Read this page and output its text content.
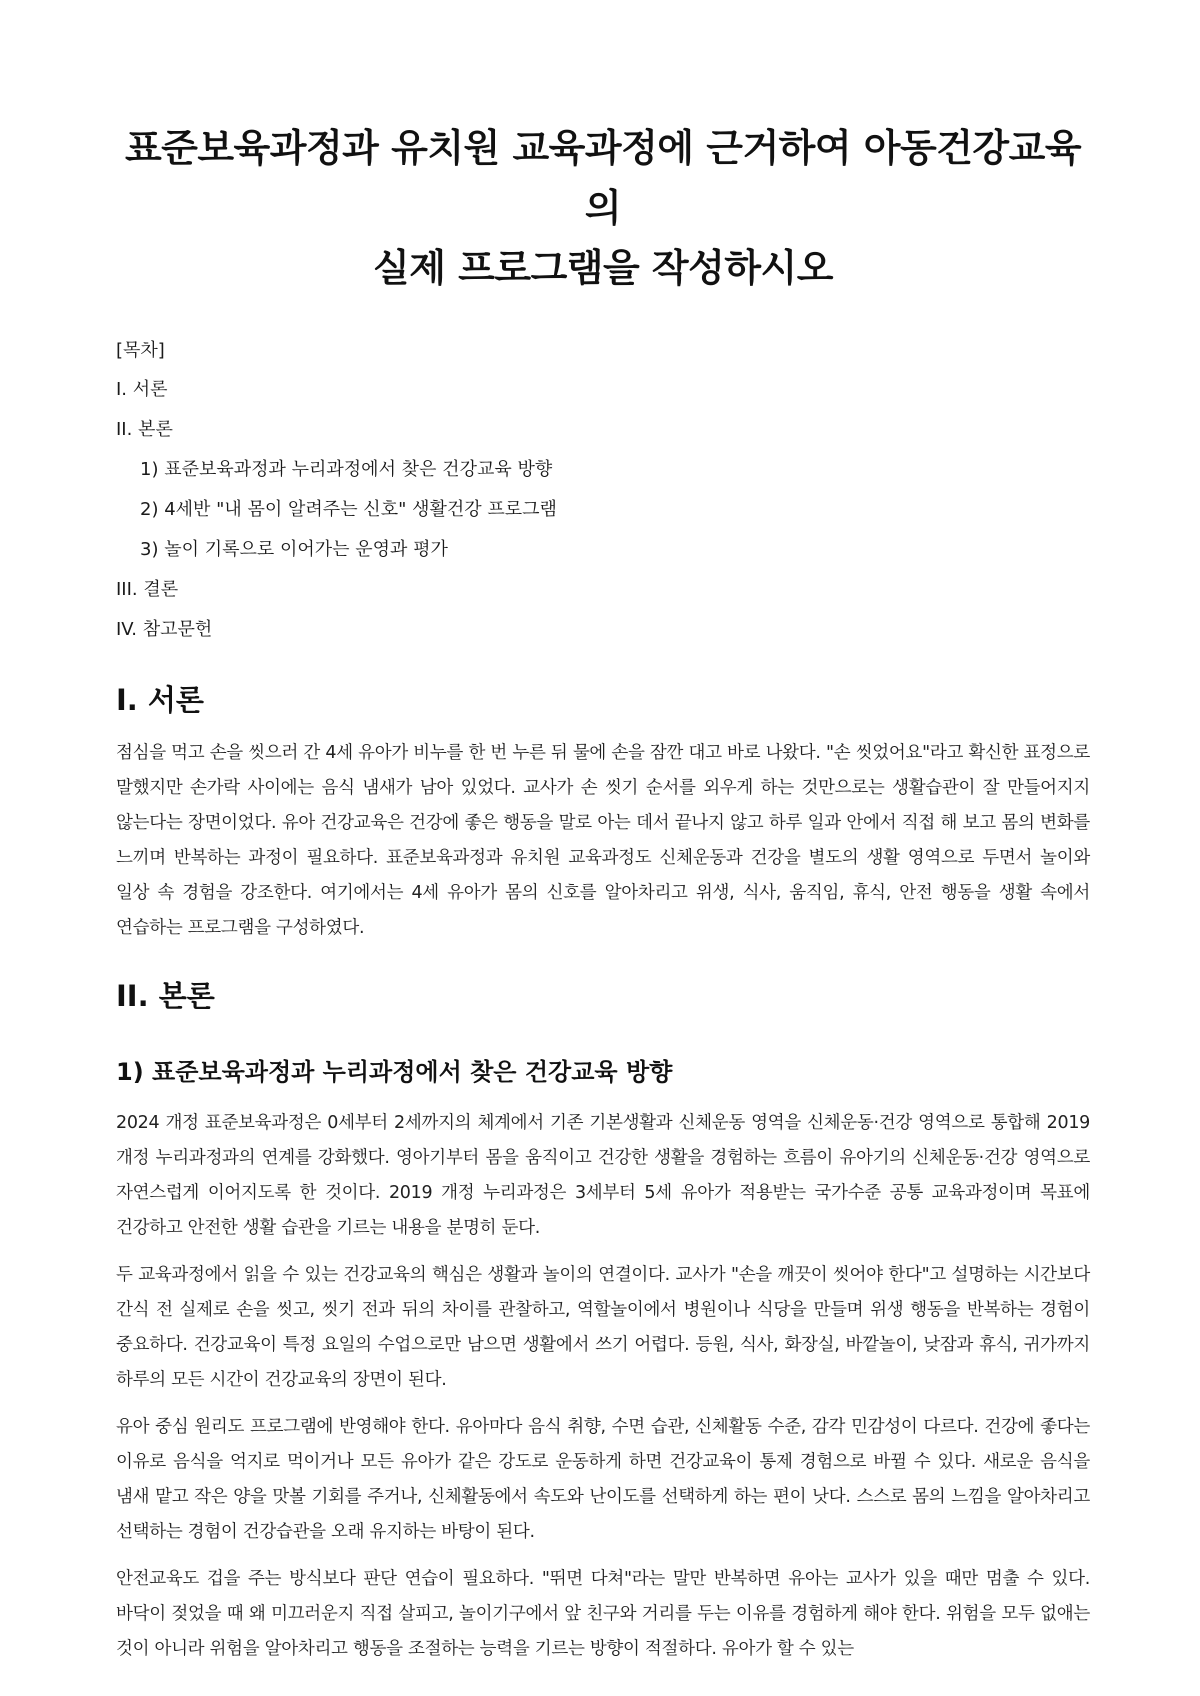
표준보육과정과 유치원 교육과정에 근거하여 아동건강교육의
실제 프로그램을 작성하시오
[목차]
I. 서론
II. 본론
1) 표준보육과정과 누리과정에서 찾은 건강교육 방향
2) 4세반 "내 몸이 알려주는 신호" 생활건강 프로그램
3) 놀이 기록으로 이어가는 운영과 평가
III. 결론
IV. 참고문헌
I. 서론

점심을 먹고 손을 씻으러 간 4세 유아가 비누를 한 번 누른 뒤 물에 손을 잠깐 대고 바로 나왔다. "손 씻었어요"라고 확신한 표정으로 말했지만 손가락 사이에는 음식 냄새가 남아 있었다. 교사가 손 씻기 순서를 외우게 하는 것만으로는 생활습관이 잘 만들어지지 않는다는 장면이었다. 유아 건강교육은 건강에 좋은 행동을 말로 아는 데서 끝나지 않고 하루 일과 안에서 직접 해 보고 몸의 변화를 느끼며 반복하는 과정이 필요하다. 표준보육과정과 유치원 교육과정도 신체운동과 건강을 별도의 생활 영역으로 두면서 놀이와 일상 속 경험을 강조한다. 여기에서는 4세 유아가 몸의 신호를 알아차리고 위생, 식사, 움직임, 휴식, 안전 행동을 생활 속에서 연습하는 프로그램을 구성하였다.

II. 본론
1) 표준보육과정과 누리과정에서 찾은 건강교육 방향

2024 개정 표준보육과정은 0세부터 2세까지의 체계에서 기존 기본생활과 신체운동 영역을 신체운동·건강 영역으로 통합해 2019 개정 누리과정과의 연계를 강화했다. 영아기부터 몸을 움직이고 건강한 생활을 경험하는 흐름이 유아기의 신체운동·건강 영역으로 자연스럽게 이어지도록 한 것이다. 2019 개정 누리과정은 3세부터 5세 유아가 적용받는 국가수준 공통 교육과정이며 목표에 건강하고 안전한 생활 습관을 기르는 내용을 분명히 둔다.

두 교육과정에서 읽을 수 있는 건강교육의 핵심은 생활과 놀이의 연결이다. 교사가 "손을 깨끗이 씻어야 한다"고 설명하는 시간보다 간식 전 실제로 손을 씻고, 씻기 전과 뒤의 차이를 관찰하고, 역할놀이에서 병원이나 식당을 만들며 위생 행동을 반복하는 경험이 중요하다. 건강교육이 특정 요일의 수업으로만 남으면 생활에서 쓰기 어렵다. 등원, 식사, 화장실, 바깥놀이, 낮잠과 휴식, 귀가까지 하루의 모든 시간이 건강교육의 장면이 된다.

유아 중심 원리도 프로그램에 반영해야 한다. 유아마다 음식 취향, 수면 습관, 신체활동 수준, 감각 민감성이 다르다. 건강에 좋다는 이유로 음식을 억지로 먹이거나 모든 유아가 같은 강도로 운동하게 하면 건강교육이 통제 경험으로 바뀔 수 있다. 새로운 음식을 냄새 맡고 작은 양을 맛볼 기회를 주거나, 신체활동에서 속도와 난이도를 선택하게 하는 편이 낫다. 스스로 몸의 느낌을 알아차리고 선택하는 경험이 건강습관을 오래 유지하는 바탕이 된다.

안전교육도 겁을 주는 방식보다 판단 연습이 필요하다. "뛰면 다쳐"라는 말만 반복하면 유아는 교사가 있을 때만 멈출 수 있다. 바닥이 젖었을 때 왜 미끄러운지 직접 살피고, 놀이기구에서 앞 친구와 거리를 두는 이유를 경험하게 해야 한다. 위험을 모두 없애는 것이 아니라 위험을 알아차리고 행동을 조절하는 능력을 기르는 방향이 적절하다. 유아가 할 수 있는
